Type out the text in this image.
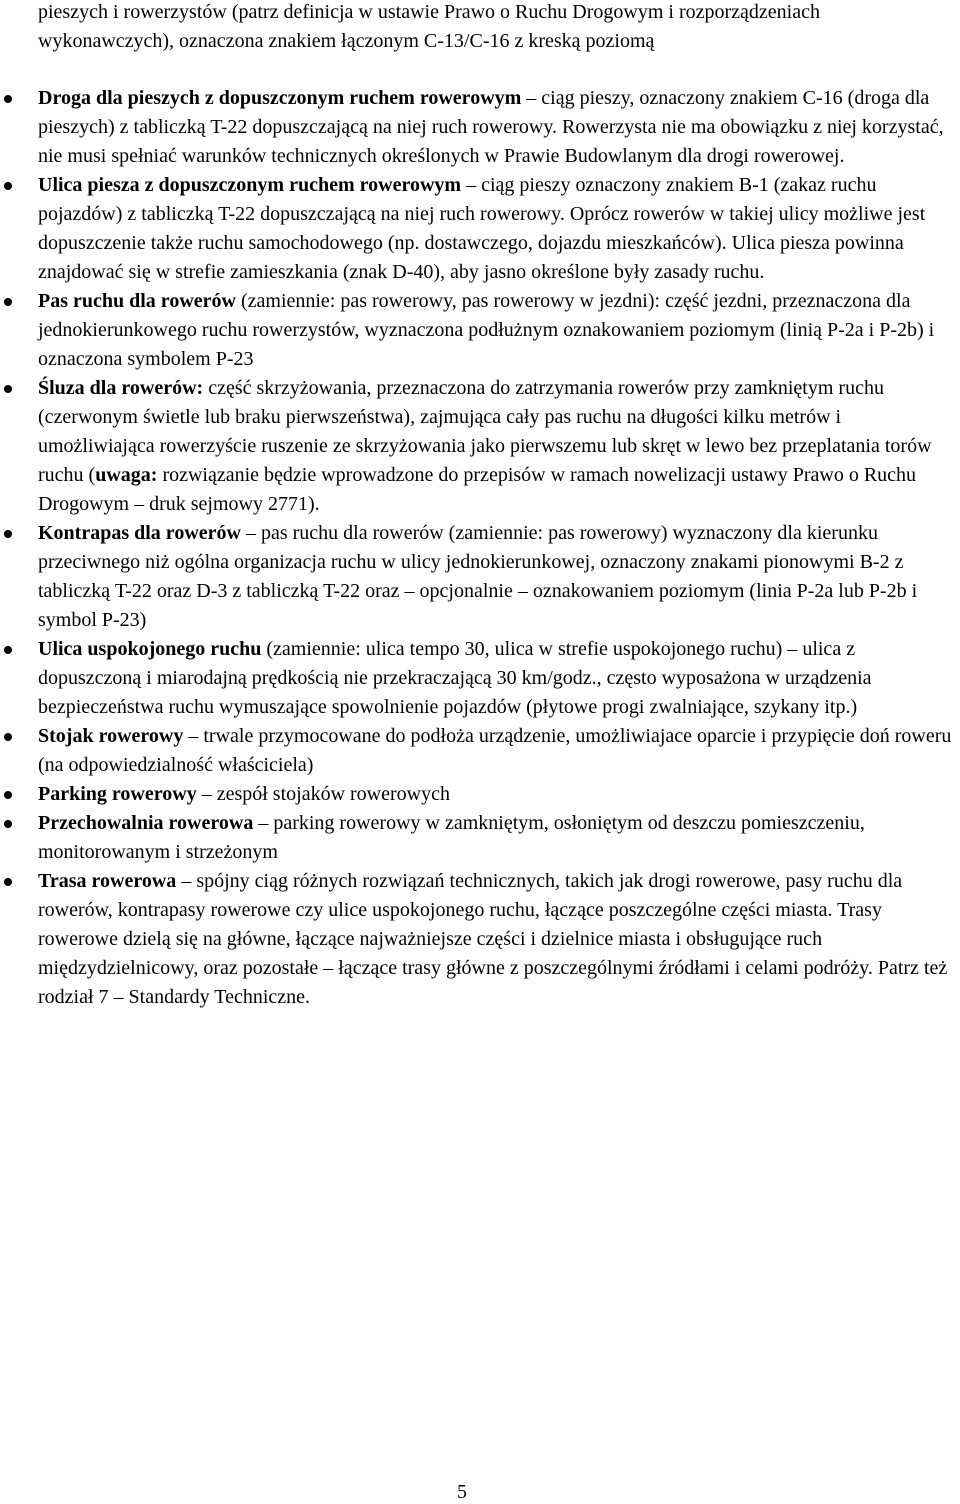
pieszych i rowerzystów (patrz definicja w ustawie Prawo o Ruchu Drogowym i rozporządzeniach wykonawczych), oznaczona znakiem łączonym C-13/C-16 z kreską poziomą

Droga dla pieszych z dopuszczonym ruchem rowerowym – ciąg pieszy, oznaczony znakiem C-16 (droga dla pieszych) z tabliczką T-22 dopuszczającą na niej ruch rowerowy. Rowerzysta nie ma obowiązku z niej korzystać, nie musi spełniać warunków technicznych określonych w Prawie Budowlanym dla drogi rowerowej.
Ulica piesza z dopuszczonym ruchem rowerowym – ciąg pieszy oznaczony znakiem B-1 (zakaz ruchu pojazdów) z tabliczką T-22 dopuszczającą na niej ruch rowerowy. Oprócz rowerów w takiej ulicy możliwe jest dopuszczenie także ruchu samochodowego (np. dostawczego, dojazdu mieszkańców). Ulica piesza powinna znajdować się w strefie zamieszkania (znak D-40), aby jasno określone były zasady ruchu.
Pas ruchu dla rowerów (zamiennie: pas rowerowy, pas rowerowy w jezdni): część jezdni, przeznaczona dla jednokierunkowego ruchu rowerzystów, wyznaczona podłużnym oznakowaniem poziomym (linią P-2a i P-2b) i oznaczona symbolem P-23
Śluza dla rowerów: część skrzyżowania, przeznaczona do zatrzymania rowerów przy zamkniętym ruchu (czerwonym świetle lub braku pierwszeństwa), zajmująca cały pas ruchu na długości kilku metrów i umożliwiająca rowerzyście ruszenie ze skrzyżowania jako pierwszemu lub skręt w lewo bez przeplatania torów ruchu (uwaga: rozwiązanie będzie wprowadzone do przepisów w ramach nowelizacji ustawy Prawo o Ruchu Drogowym – druk sejmowy 2771).
Kontrapas dla rowerów – pas ruchu dla rowerów (zamiennie: pas rowerowy) wyznaczony dla kierunku przeciwnego niż ogólna organizacja ruchu w ulicy jednokierunkowej, oznaczony znakami pionowymi B-2 z tabliczką T-22 oraz D-3 z tabliczką T-22 oraz – opcjonalnie – oznakowaniem poziomym (linia P-2a lub P-2b i symbol P-23)
Ulica uspokojonego ruchu (zamiennie: ulica tempo 30, ulica w strefie uspokojonego ruchu) – ulica z dopuszczoną i miarodajną prędkością nie przekraczającą 30 km/godz., często wyposażona w urządzenia bezpieczeństwa ruchu wymuszające spowolnienie pojazdów (płytowe progi zwalniające, szykany itp.)
Stojak rowerowy – trwale przymocowane do podłoża urządzenie, umożliwiajace oparcie i przypięcie doń roweru (na odpowiedzialność właściciela)
Parking rowerowy – zespół stojaków rowerowych
Przechowalnia rowerowa – parking rowerowy w zamkniętym, osłoniętym od deszczu pomieszczeniu, monitorowanym i strzeżonym
Trasa rowerowa – spójny ciąg różnych rozwiązań technicznych, takich jak drogi rowerowe, pasy ruchu dla rowerów, kontrapasy rowerowe czy ulice uspokojonego ruchu, łączące poszczególne części miasta. Trasy rowerowe dzielą się na główne, łączące najważniejsze części i dzielnice miasta i obsługujące ruch międzydzielnicowy, oraz pozostałe – łączące trasy główne z poszczególnymi źródłami i celami podróży. Patrz też rodział 7 – Standardy Techniczne.
5
